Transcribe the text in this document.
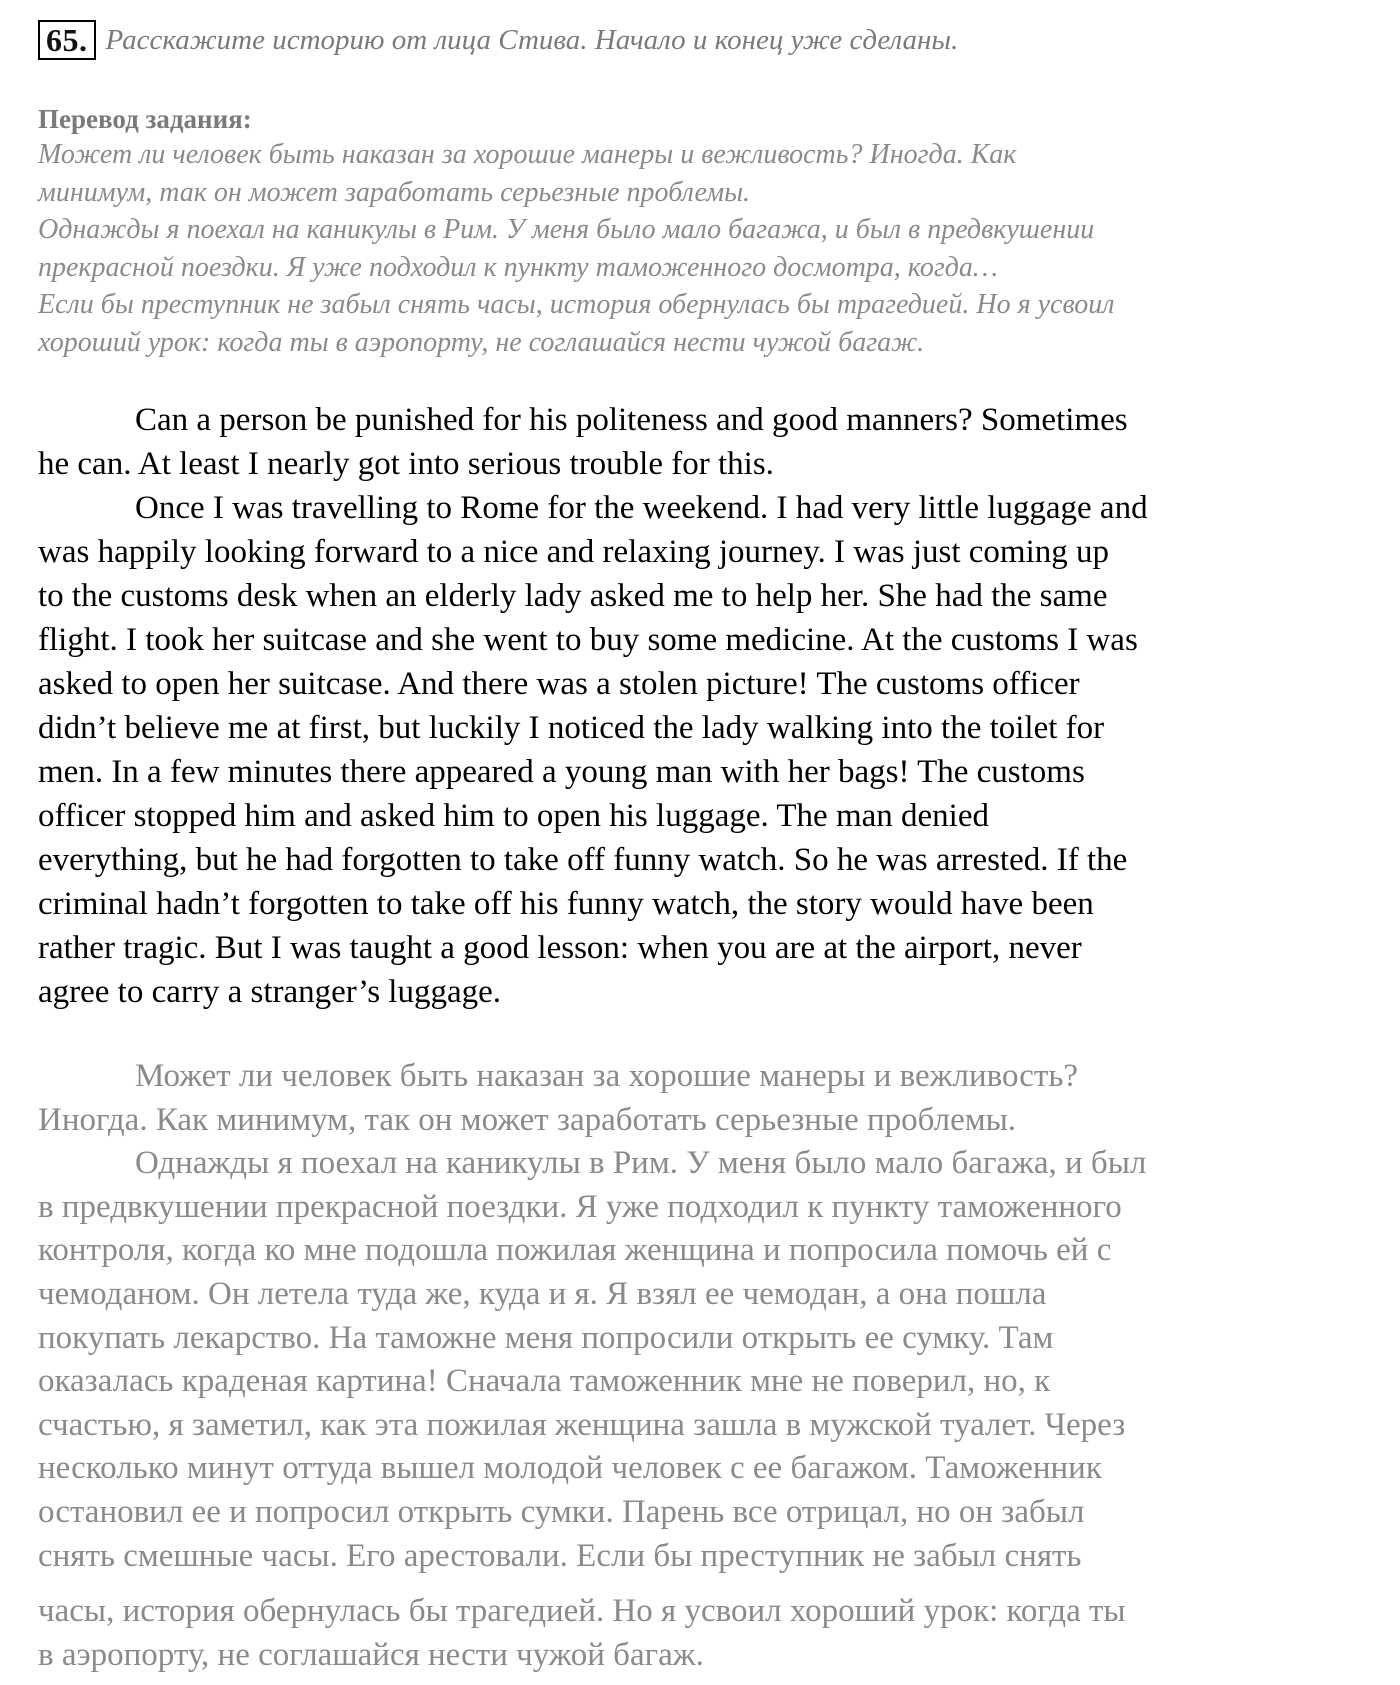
65. Расскажите историю от лица Стива. Начало и конец уже сделаны.
Перевод задания:
Может ли человек быть наказан за хорошие манеры и вежливость? Иногда. Как
минимум, так он может заработать серьезные проблемы.
Однажды я поехал на каникулы в Рим. У меня было мало багажа, и был в предвкушении
прекрасной поездки. Я уже подходил к пункту таможенного досмотра, когда…
Если бы преступник не забыл снять часы, история обернулась бы трагедией. Но я усвоил
хороший урок: когда ты в аэропорту, не соглашайся нести чужой багаж.
Can a person be punished for his politeness and good manners? Sometimes
he can. At least I nearly got into serious trouble for this.
Once I was travelling to Rome for the weekend. I had very little luggage and
was happily looking forward to a nice and relaxing journey. I was just coming up
to the customs desk when an elderly lady asked me to help her. She had the same
flight. I took her suitcase and she went to buy some medicine. At the customs I was
asked to open her suitcase. And there was a stolen picture! The customs officer
didn’t believe me at first, but luckily I noticed the lady walking into the toilet for
men. In a few minutes there appeared a young man with her bags! The customs
officer stopped him and asked him to open his luggage. The man denied
everything, but he had forgotten to take off funny watch. So he was arrested. If the
criminal hadn’t forgotten to take off his funny watch, the story would have been
rather tragic. But I was taught a good lesson: when you are at the airport, never
agree to carry a stranger’s luggage.
Может ли человек быть наказан за хорошие манеры и вежливость?
Иногда. Как минимум, так он может заработать серьезные проблемы.
Однажды я поехал на каникулы в Рим. У меня было мало багажа, и был
в предвкушении прекрасной поездки. Я уже подходил к пункту таможенного
контроля, когда ко мне подошла пожилая женщина и попросила помочь ей с
чемоданом. Он летела туда же, куда и я. Я взял ее чемодан, а она пошла
покупать лекарство. На таможне меня попросили открыть ее сумку. Там
оказалась краденая картина! Сначала таможенник мне не поверил, но, к
счастью, я заметил, как эта пожилая женщина зашла в мужской туалет. Через
несколько минут оттуда вышел молодой человек с ее багажом. Таможенник
остановил ее и попросил открыть сумки. Парень все отрицал, но он забыл
снять смешные часы. Его арестовали. Если бы преступник не забыл снять
часы, история обернулась бы трагедией. Но я усвоил хороший урок: когда ты
в аэропорту, не соглашайся нести чужой багаж.
